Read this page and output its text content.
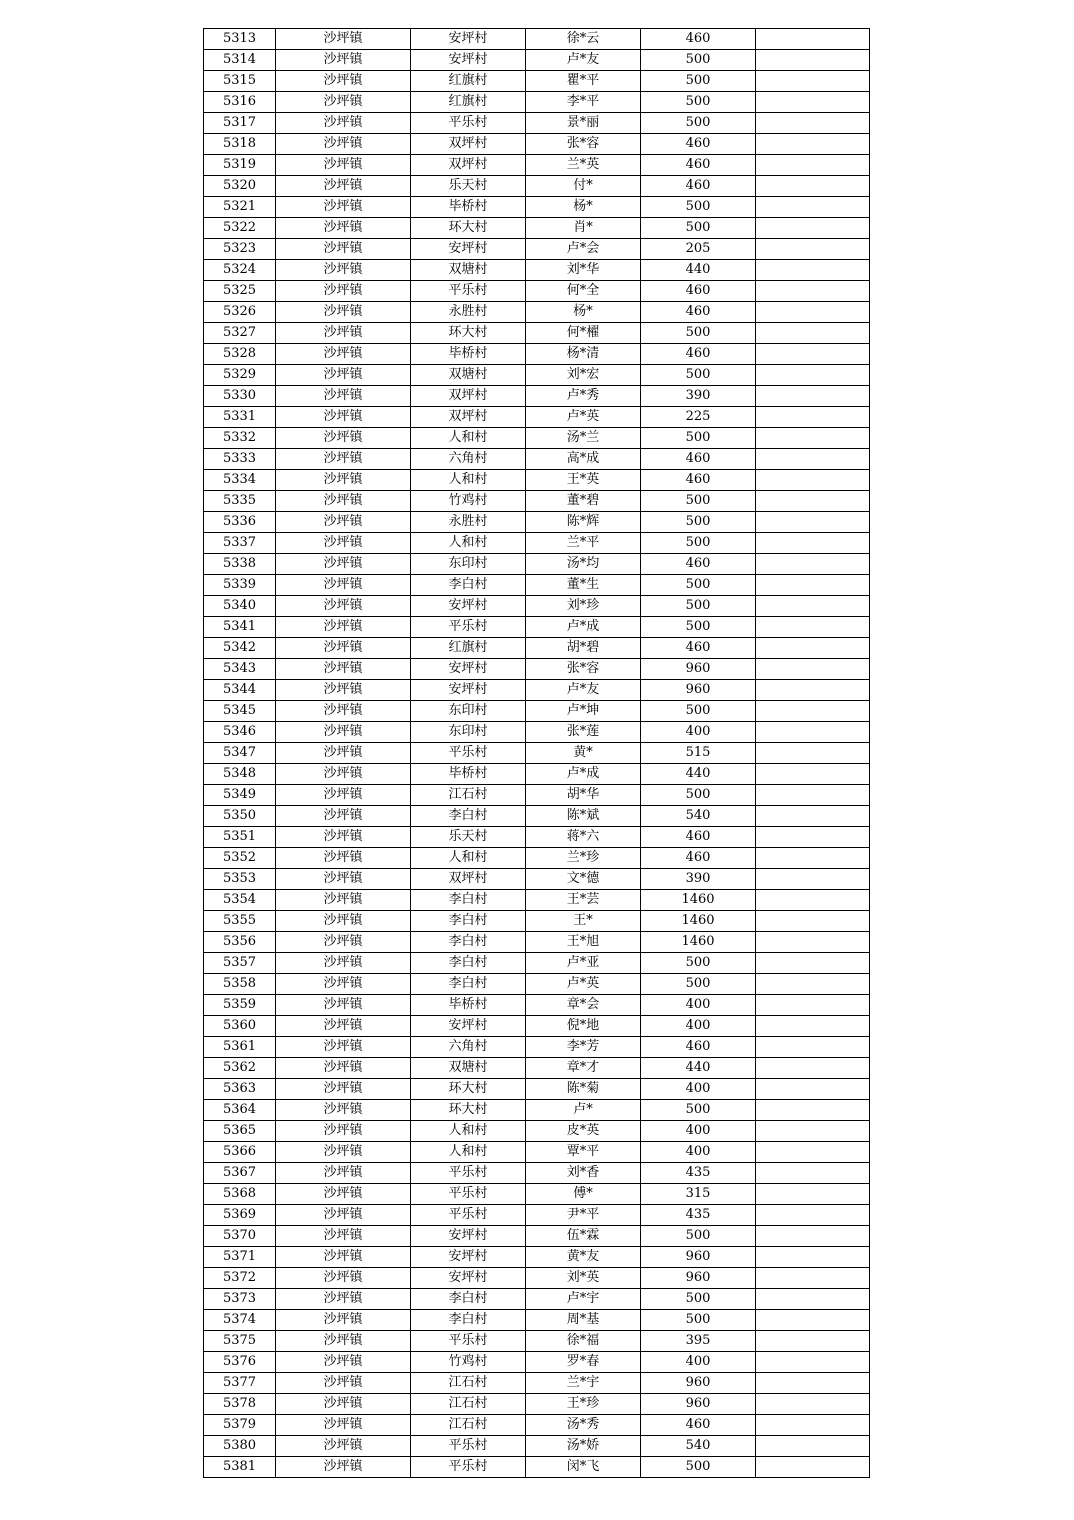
5313	沙坪镇	安坪村	徐*云	460	
5314	沙坪镇	安坪村	卢*友	500	
5315	沙坪镇	红旗村	瞿*平	500	
5316	沙坪镇	红旗村	李*平	500	
5317	沙坪镇	平乐村	景*丽	500	
5318	沙坪镇	双坪村	张*容	460	
5319	沙坪镇	双坪村	兰*英	460	
5320	沙坪镇	乐天村	付*	460	
5321	沙坪镇	毕桥村	杨*	500	
5322	沙坪镇	环大村	肖*	500	
5323	沙坪镇	安坪村	卢*会	205	
5324	沙坪镇	双塘村	刘*华	440	
5325	沙坪镇	平乐村	何*全	460	
5326	沙坪镇	永胜村	杨*	460	
5327	沙坪镇	环大村	何*櫂	500	
5328	沙坪镇	毕桥村	杨*清	460	
5329	沙坪镇	双塘村	刘*宏	500	
5330	沙坪镇	双坪村	卢*秀	390	
5331	沙坪镇	双坪村	卢*英	225	
5332	沙坪镇	人和村	汤*兰	500	
5333	沙坪镇	六角村	高*成	460	
5334	沙坪镇	人和村	王*英	460	
5335	沙坪镇	竹鸡村	董*碧	500	
5336	沙坪镇	永胜村	陈*辉	500	
5337	沙坪镇	人和村	兰*平	500	
5338	沙坪镇	东印村	汤*均	460	
5339	沙坪镇	李白村	董*生	500	
5340	沙坪镇	安坪村	刘*珍	500	
5341	沙坪镇	平乐村	卢*成	500	
5342	沙坪镇	红旗村	胡*碧	460	
5343	沙坪镇	安坪村	张*容	960	
5344	沙坪镇	安坪村	卢*友	960	
5345	沙坪镇	东印村	卢*坤	500	
5346	沙坪镇	东印村	张*莲	400	
5347	沙坪镇	平乐村	黄*	515	
5348	沙坪镇	毕桥村	卢*成	440	
5349	沙坪镇	江石村	胡*华	500	
5350	沙坪镇	李白村	陈*斌	540	
5351	沙坪镇	乐天村	蒋*六	460	
5352	沙坪镇	人和村	兰*珍	460	
5353	沙坪镇	双坪村	文*德	390	
5354	沙坪镇	李白村	王*芸	1460	
5355	沙坪镇	李白村	王*	1460	
5356	沙坪镇	李白村	王*旭	1460	
5357	沙坪镇	李白村	卢*亚	500	
5358	沙坪镇	李白村	卢*英	500	
5359	沙坪镇	毕桥村	章*会	400	
5360	沙坪镇	安坪村	倪*地	400	
5361	沙坪镇	六角村	李*芳	460	
5362	沙坪镇	双塘村	章*才	440	
5363	沙坪镇	环大村	陈*菊	400	
5364	沙坪镇	环大村	卢*	500	
5365	沙坪镇	人和村	皮*英	400	
5366	沙坪镇	人和村	覃*平	400	
5367	沙坪镇	平乐村	刘*香	435	
5368	沙坪镇	平乐村	傅*	315	
5369	沙坪镇	平乐村	尹*平	435	
5370	沙坪镇	安坪村	伍*霖	500	
5371	沙坪镇	安坪村	黄*友	960	
5372	沙坪镇	安坪村	刘*英	960	
5373	沙坪镇	李白村	卢*宇	500	
5374	沙坪镇	李白村	周*基	500	
5375	沙坪镇	平乐村	徐*福	395	
5376	沙坪镇	竹鸡村	罗*春	400	
5377	沙坪镇	江石村	兰*宇	960	
5378	沙坪镇	江石村	王*珍	960	
5379	沙坪镇	江石村	汤*秀	460	
5380	沙坪镇	平乐村	汤*娇	540	
5381	沙坪镇	平乐村	闵*飞	500	
